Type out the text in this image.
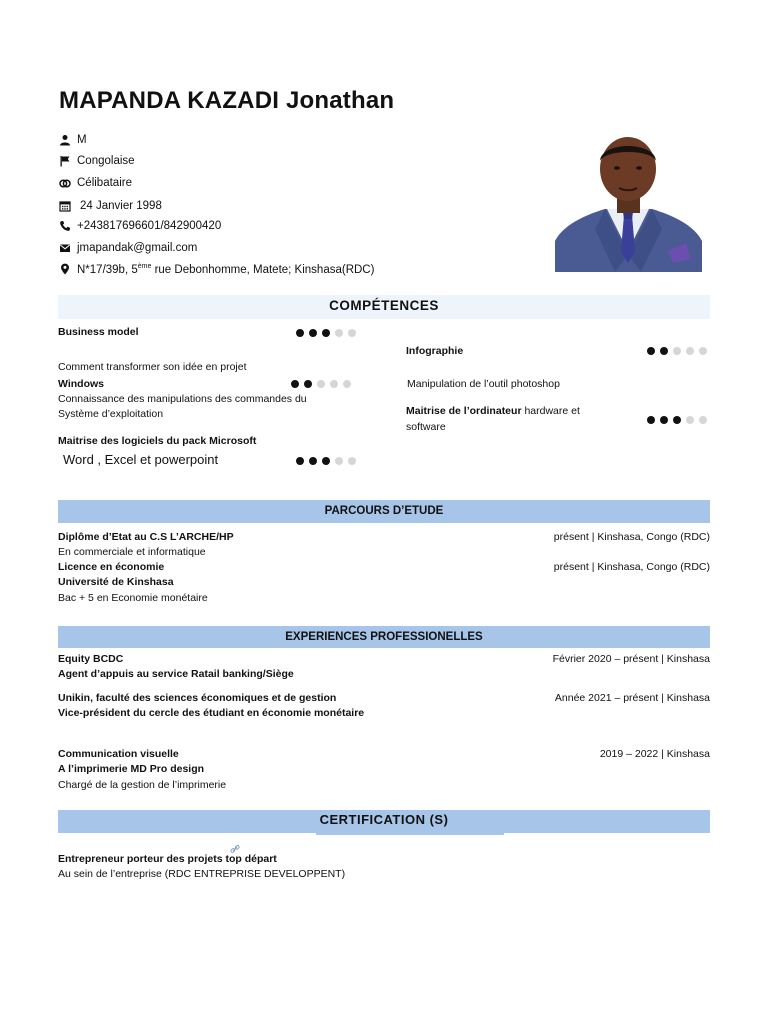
MAPANDA KAZADI Jonathan
M
Congolaise
Célibataire
24 Janvier 1998
+243817696601/842900420
jmapandak@gmail.com
N*17/39b, 5ème rue Debonhomme, Matete; Kinshasa(RDC)
COMPÉTENCES
Business model
Comment transformer son idée en projet
Windows
Connaissance des manipulations des commandes du
Système d’exploitation
Maitrise des logiciels du pack Microsoft
Word , Excel et powerpoint
Infographie
Manipulation de l’outil photoshop
Maitrise de l’ordinateur hardware et
software
PARCOURS D’ETUDE
Diplôme d’Etat au C.S L’ARCHE/HP	présent | Kinshasa, Congo (RDC)
En commerciale et informatique
Licence en économie	présent | Kinshasa, Congo (RDC)
Université de Kinshasa
Bac + 5 en Economie monétaire
EXPERIENCES PROFESSIONELLES
Equity BCDC	Février 2020 – présent | Kinshasa
Agent d’appuis au service Ratail banking/Siège
Unikin, faculté des sciences économiques et de gestion	Année 2021 – présent | Kinshasa
Vice-président du cercle des étudiant en économie monétaire
Communication visuelle	2019 – 2022 | Kinshasa
A l’imprimerie MD Pro design
Chargé de la gestion de l’imprimerie
CERTIFICATION (S)
Entrepreneur porteur des projets top départ
Au sein de l’entreprise (RDC ENTREPRISE DEVELOPPENT)
